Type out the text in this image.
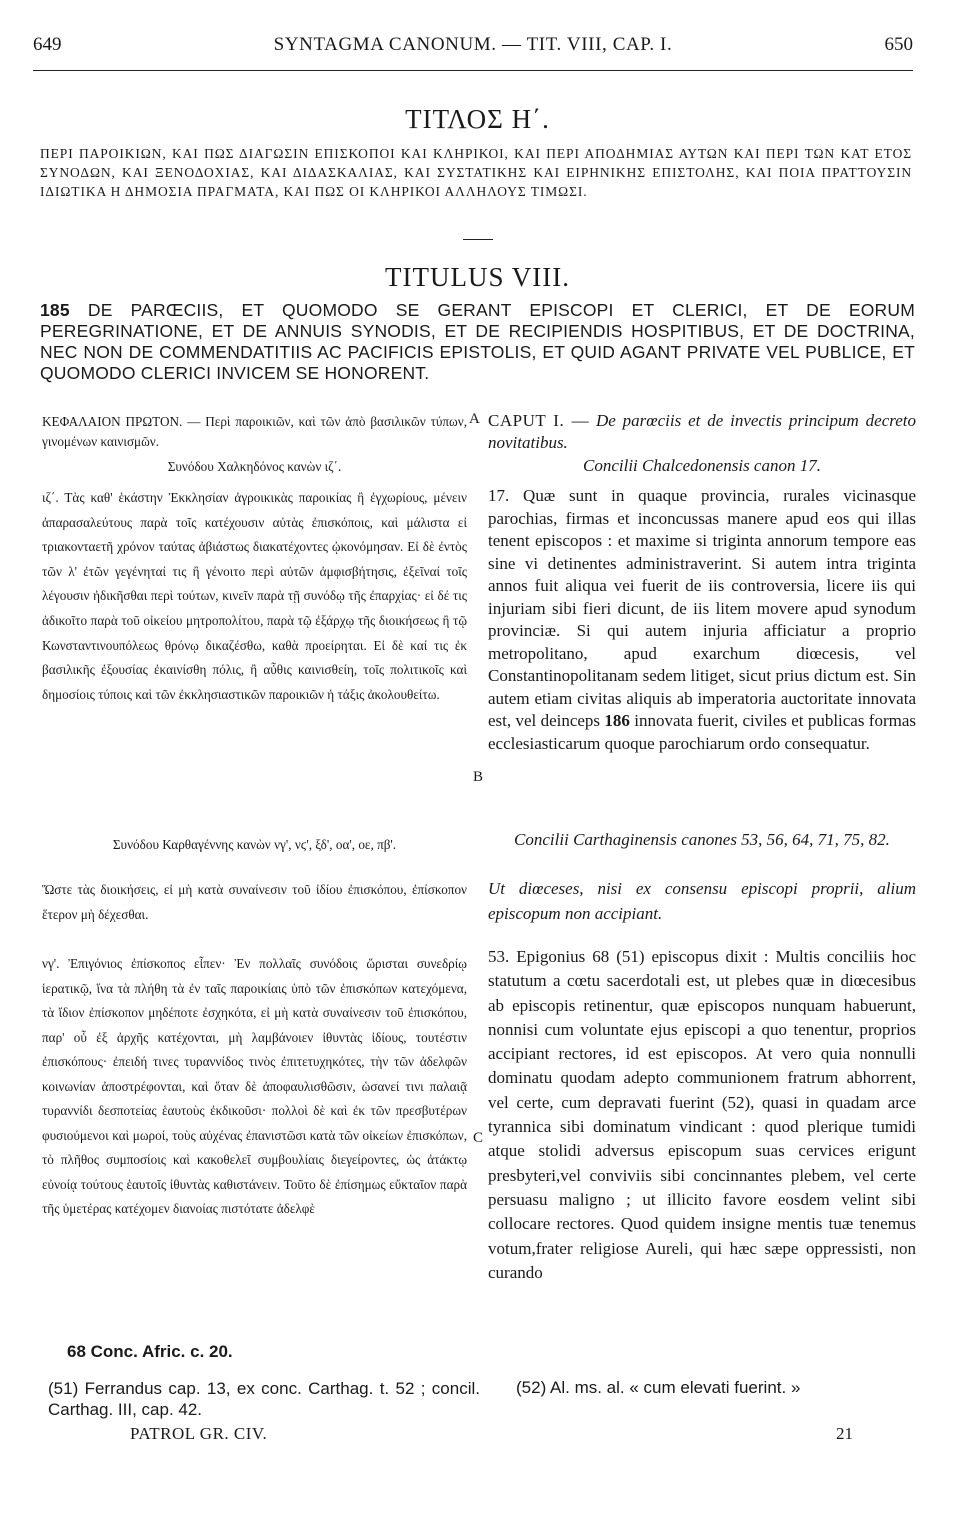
649	SYNTAGMA CANONUM. — TIT. VIII, CAP. I.	650
ΤΙΤΛΟΣ Η΄.
ΠΕΡΙ ΠΑΡΟΙΚΙΩΝ, ΚΑΙ ΠΩΣ ΔΙΑΓΩΣΙΝ ΕΠΙΣΚΟΠΟΙ ΚΑΙ ΚΛΗΡΙΚΟΙ, ΚΑΙ ΠΕΡΙ ΑΠΟΔΗΜΙΑΣ ΑΥΤΩΝ ΚΑΙ ΠΕΡΙ ΤΩΝ ΚΑΤ ΕΤΟΣ ΣΥΝΟΔΩΝ, ΚΑΙ ΞΕΝΟΔΟΧΙΑΣ, ΚΑΙ ΔΙΔΑΣΚΑΛΙΑΣ, ΚΑΙ ΣΥΣΤΑΤΙΚΗΣ ΚΑΙ ΕΙΡΗΝΙΚΗΣ ΕΠΙΣΤΟΛΗΣ, ΚΑΙ ΠΟΙΑ ΠΡΑΤΤΟΥΣΙΝ ΙΔΙΩΤΙΚΑ Η ΔΗΜΟΣΙΑ ΠΡΑΓΜΑΤΑ, ΚΑΙ ΠΩΣ ΟΙ ΚΛΗΡΙΚΟΙ ΑΛΛΗΛΟΥΣ ΤΙΜΩΣΙ.
TITULUS VIII.
185 DE PARŒCIIS, ET QUOMODO SE GERANT EPISCOPI ET CLERICI, ET DE EORUM PEREGRINATIONE, ET DE ANNUIS SYNODIS, ET DE RECIPIENDIS HOSPITIBUS, ET DE DOCTRINA, NEC NON DE COMMENDATITIIS AC PACIFICIS EPISTOLIS, ET QUID AGANT PRIVATE VEL PUBLICE, ET QUOMODO CLERICI INVICEM SE HONORENT.

ΚΕΦΑΛΑΙΟΝ ΠΡΩΤΟΝ. — Περὶ παροικιῶν, καὶ τῶν ἀπὸ βασιλικῶν τύπων, γινομένων καινισμῶν.

Συνόδου Χαλκηδόνος κανὼν ιζ΄.

ιζ΄. Τὰς καθ' ἑκάστην Ἐκκλησίαν ἀγροικικὰς παροικίας ἢ ἐγχωρίους, μένειν ἀπαρασαλεύτους παρὰ τοῖς κατέχουσιν αὐτὰς ἐπισκόποις, καὶ μάλιστα εἰ τριακονταετῆ χρόνον ταύτας ἀβιάστως διακατέχοντες ᾠκονόμησαν. Εἰ δὲ ἐντὸς τῶν λ' ἐτῶν γεγένηταί τις ἢ γένοιτο περὶ αὐτῶν ἀμφισβήτησις, ἐξεῖναί τοῖς λέγουσιν ἠδικῆσθαι περὶ τούτων, κινεῖν παρὰ τῇ συνόδῳ τῆς ἐπαρχίας· εἰ δέ τις ἀδικοῖτο παρὰ τοῦ οἰκείου μητροπολίτου, παρὰ τῷ ἐξάρχῳ τῆς διοικήσεως ἢ τῷ Κωνσταντινουπόλεως θρόνῳ δικαζέσθω, καθὰ προείρηται. Εἰ δὲ καί τις ἐκ βασιλικῆς ἐξουσίας ἐκαινίσθη πόλις, ἢ αὖθις καινισθείη, τοῖς πολιτικοῖς καὶ δημοσίοις τύποις καὶ τῶν ἐκκλησιαστικῶν παροικιῶν ἡ τάξις ἀκολουθείτω.

Συνόδου Καρθαγέννης κανὼν νγ', νϛ', ξδ', οα', οε, πβ'.

Ὥστε τὰς διοικήσεις, εἰ μὴ κατὰ συναίνεσιν τοῦ ἰδίου ἐπισκόπου, ἐπίσκοπον ἕτερον μὴ δέχεσθαι.

νγ'. Ἐπιγόνιος ἐπίσκοπος εἶπεν· Ἐν πολλαῖς συνόδοις ὥρισται συνεδρίῳ ἱερατικῷ, ἵνα τὰ πλήθη τὰ ἐν ταῖς παροικίαις ὑπὸ τῶν ἐπισκόπων κατεχόμενα, τὰ ἴδιον ἐπίσκοπον μηδέποτε ἐσχηκότα, εἰ μὴ κατὰ συναίνεσιν τοῦ ἐπισκόπου, παρ' οὗ ἐξ ἀρχῆς κατέχονται, μὴ λαμβάνοιεν ἰθυντὰς ἰδίους, τουτέστιν ἐπισκόπους· ἐπειδή τινες τυραννίδος τινὸς ἐπιτετυχηκότες, τὴν τῶν ἀδελφῶν κοινωνίαν ἀποστρέφονται, καὶ ὅταν δὲ ἀποφαυλισθῶσιν, ὡσανεί τινι παλαιᾷ τυραννίδι δεσποτείας ἑαυτοὺς ἐκδικοῦσι· πολλοὶ δὲ καὶ ἐκ τῶν πρεσβυτέρων φυσιούμενοι καὶ μωροί, τοὺς αὐχένας ἐπανιστῶσι κατὰ τῶν οἰκείων ἐπισκόπων, τὸ πλῆθος συμποσίοις καὶ κακοθελεῖ συμβουλίαις διεγείροντες, ὡς ἀτάκτῳ εὐνοίᾳ τούτους ἑαυτοῖς ἰθυντὰς καθιστάνειν. Τοῦτο δὲ ἐπίσημως εὔκταῖον παρὰ τῆς ὑμετέρας κατέχομεν διανοίας πιστότατε ἀδελφὲ

A
B
C

CAPUT I. — De parœciis et de invectis principum decreto novitatibus.

Concilii Chalcedonensis canon 17.

17. Quæ sunt in quaque provincia, rurales vicinasque parochias, firmas et inconcussas manere apud eos qui illas tenent episcopos : et maxime si triginta annorum tempore eas sine vi detinentes administraverint. Si autem intra triginta annos fuit aliqua vei fuerit de iis controversia, licere iis qui injuriam sibi fieri dicunt, de iis litem movere apud synodum provinciæ. Si qui autem injuria afficiatur a proprio metropolitano, apud exarchum diœcesis, vel Constantinopolitanam sedem litiget, sicut prius dictum est. Sin autem etiam civitas aliquis ab imperatoria auctoritate innovata est, vel deinceps 186 innovata fuerit, civiles et publicas formas ecclesiasticarum quoque parochiarum ordo consequatur.

Concilii Carthaginensis canones 53, 56, 64, 71, 75, 82.

Ut diœceses, nisi ex consensu episcopi proprii, alium episcopum non accipiant.

53. Epigonius 68 (51) episcopus dixit : Multis conciliis hoc statutum a cœtu sacerdotali est, ut plebes quæ in diœcesibus ab episcopis retinentur, quæ episcopos nunquam habuerunt, nonnisi cum voluntate ejus episcopi a quo tenentur, proprios accipiant rectores, id est episcopos. At vero quia nonnulli dominatu quodam adepto communionem fratrum abhorrent, vel certe, cum depravati fuerint (52), quasi in quadam arce tyrannica sibi dominatum vindicant : quod plerique tumidi atque stolidi adversus episcopum suas cervices erigunt presbyteri,vel conviviis sibi concinnantes plebem, vel certe persuasu maligno ; ut illicito favore eosdem velint sibi collocare rectores. Quod quidem insigne mentis tuæ tenemus votum,frater religiose Aureli, qui hæc sæpe oppressisti, non curando

68 Conc. Afric. c. 20.
(51) Ferrandus cap. 13, ex conc. Carthag. t. 52 ; concil. Carthag. III, cap. 42.
(52) Al. ms. al. « cum elevati fuerint. »
PATROL GR. CIV.	21
